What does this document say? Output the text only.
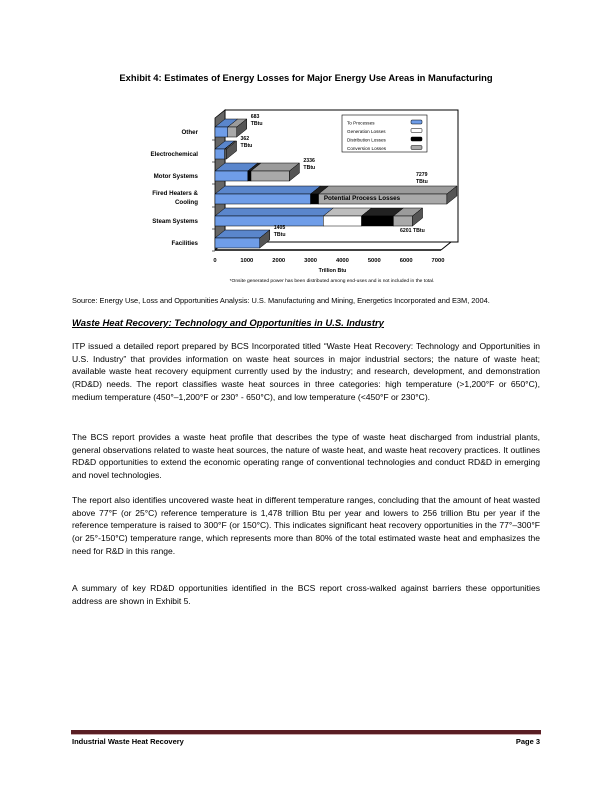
Exhibit 4: Estimates of Energy Losses for Major Energy Use Areas in Manufacturing
Other
683
TBtu
Electrochemical
362
TBtu
Motor Systems
2336
TBtu
Fired Heaters &
Cooling
7279
TBtu
Steam Systems
6201 TBtu
Facilities
1405
TBtu
Potential Process Losses
0	1000	2000	3000	4000	5000	6000	7000
Trillion Btu
*Onsite generated power has been distributed among end-uses and is not included in the total.
To Processes
Generation Losses
Distribution Losses
Conversion Losses
Source: Energy Use, Loss and Opportunities Analysis: U.S. Manufacturing and Mining, Energetics Incorporated and E3M, 2004.
Waste Heat Recovery: Technology and Opportunities in U.S. Industry
ITP issued a detailed report prepared by BCS Incorporated titled “Waste Heat Recovery: Technology and Opportunities in U.S. Industry” that provides information on waste heat sources in major industrial sectors; the nature of waste heat; available waste heat recovery equipment currently used by the industry; and research, development, and demonstration (RD&D) needs. The report classifies waste heat sources in three categories: high temperature (>1,200°F or 650°C), medium temperature (450°–1,200°F or 230° - 650°C), and low temperature (<450°F or 230°C).
The BCS report provides a waste heat profile that describes the type of waste heat discharged from industrial plants, general observations related to waste heat sources, the nature of waste heat, and waste heat recovery practices. It outlines RD&D opportunities to extend the economic operating range of conventional technologies and conduct RD&D in emerging and novel technologies.
The report also identifies uncovered waste heat in different temperature ranges, concluding that the amount of heat wasted above 77°F (or 25°C) reference temperature is 1,478 trillion Btu per year and lowers to 256 trillion Btu per year if the reference temperature is raised to 300°F (or 150°C). This indicates significant heat recovery opportunities in the 77°–300°F (or 25°-150°C) temperature range, which represents more than 80% of the total estimated waste heat and emphasizes the need for R&D in this range.
A summary of key RD&D opportunities identified in the BCS report cross-walked against barriers these opportunities address are shown in Exhibit 5.
Industrial Waste Heat Recovery	Page 3
